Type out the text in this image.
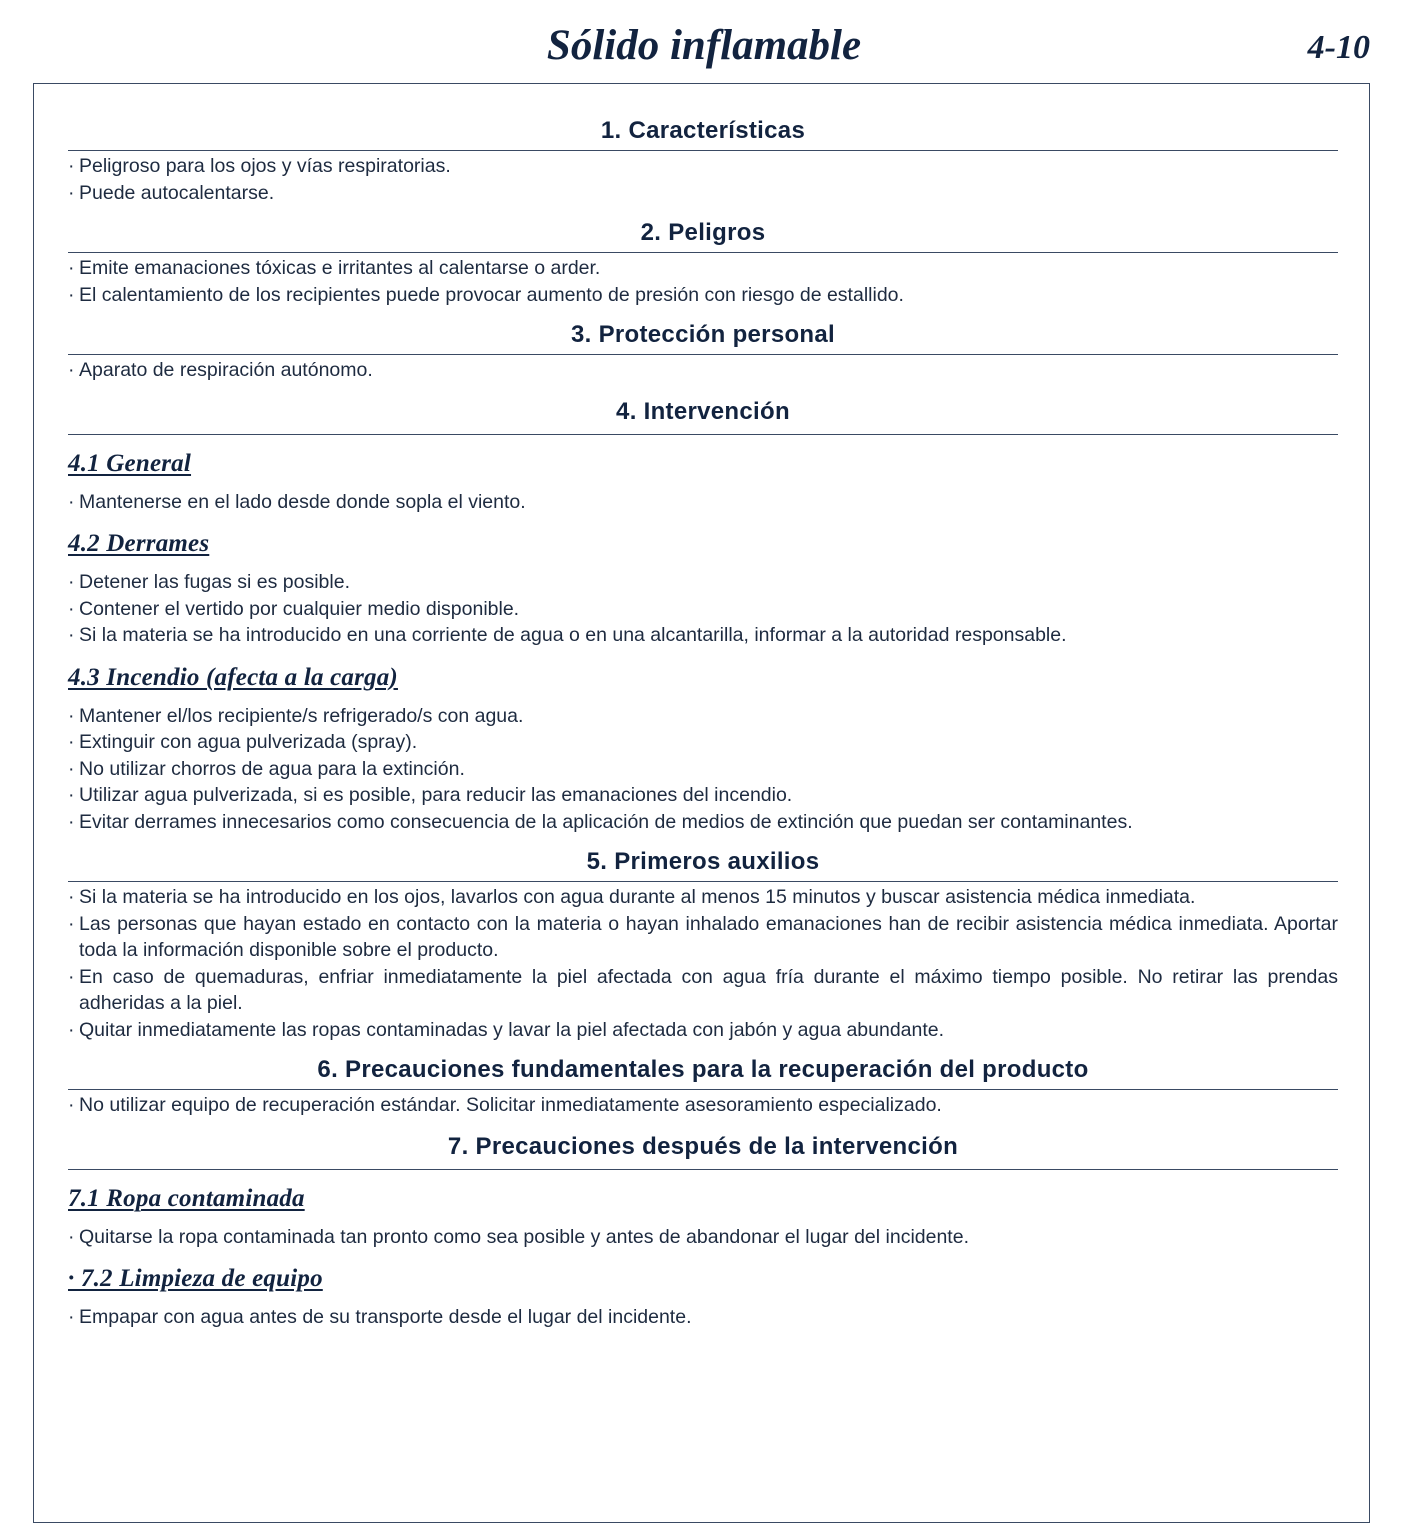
Sólido inflamable	4-10
1. Características
· Peligroso para los ojos y vías respiratorias.
· Puede autocalentarse.
2. Peligros
· Emite emanaciones tóxicas e irritantes al calentarse o arder.
· El calentamiento de los recipientes puede provocar aumento de presión con riesgo de estallido.
3. Protección personal
· Aparato de respiración autónomo.
4. Intervención
4.1 General
· Mantenerse en el lado desde donde sopla el viento.
4.2 Derrames
· Detener las fugas si es posible.
· Contener el vertido por cualquier medio disponible.
· Si la materia se ha introducido en una corriente de agua o en una alcantarilla, informar a la autoridad responsable.
4.3 Incendio (afecta a la carga)
· Mantener el/los recipiente/s refrigerado/s con agua.
· Extinguir con agua pulverizada (spray).
· No utilizar chorros de agua para la extinción.
· Utilizar agua pulverizada, si es posible, para reducir las emanaciones del incendio.
· Evitar derrames innecesarios como consecuencia de la aplicación de medios de extinción que puedan ser contaminantes.
5. Primeros auxilios
· Si la materia se ha introducido en los ojos, lavarlos con agua durante al menos 15 minutos y buscar asistencia médica inmediata.
· Las personas que hayan estado en contacto con la materia o hayan inhalado emanaciones han de recibir asistencia médica inmediata. Aportar toda la información disponible sobre el producto.
· En caso de quemaduras, enfriar inmediatamente la piel afectada con agua fría durante el máximo tiempo posible. No retirar las prendas adheridas a la piel.
· Quitar inmediatamente las ropas contaminadas y lavar la piel afectada con jabón y agua abundante.
6. Precauciones fundamentales para la recuperación del producto
· No utilizar equipo de recuperación estándar. Solicitar inmediatamente asesoramiento especializado.
7. Precauciones después de la intervención
7.1 Ropa contaminada
· Quitarse la ropa contaminada tan pronto como sea posible y antes de abandonar el lugar del incidente.
· 7.2 Limpieza de equipo
· Empapar con agua antes de su transporte desde el lugar del incidente.
